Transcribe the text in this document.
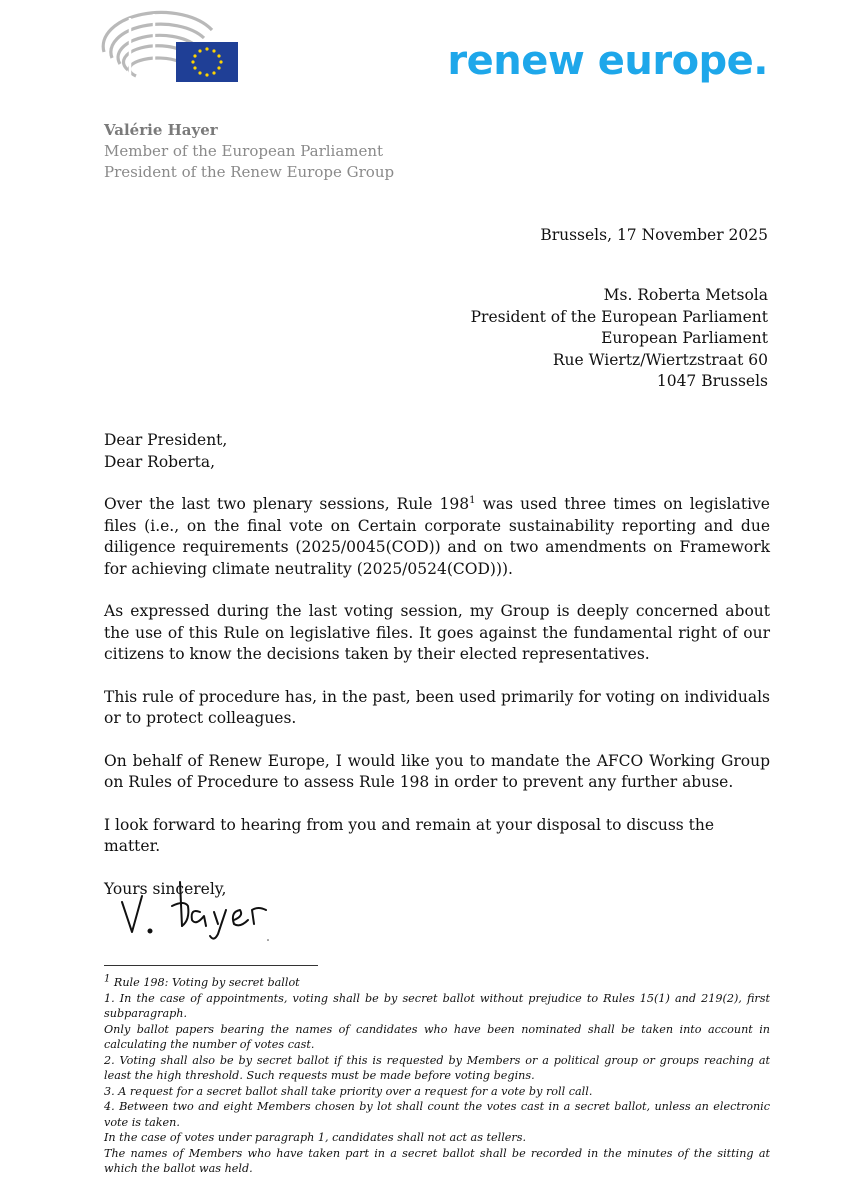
renew europe.
Valérie Hayer
Member of the European Parliament
President of the Renew Europe Group
Brussels, 17 November 2025
Ms. Roberta Metsola
President of the European Parliament
European Parliament
Rue Wiertz/Wiertzstraat 60
1047 Brussels

Dear President,

Dear Roberta,

Over the last two plenary sessions, Rule $198^1$ was used three times on legislative files (i.e., on the final vote on Certain corporate sustainability reporting and due diligence requirements (2025/0045(COD)) and on two amendments on Framework for achieving climate neutrality (2025/0524(COD))).

As expressed during the last voting session, my Group is deeply concerned about the use of this Rule on legislative files. It goes against the fundamental right of our citizens to know the decisions taken by their elected representatives.

This rule of procedure has, in the past, been used primarily for voting on individuals or to protect colleagues.

On behalf of Renew Europe, I would like you to mandate the AFCO Working Group on Rules of Procedure to assess Rule 198 in order to prevent any further abuse.

I look forward to hearing from you and remain at your disposal to discuss the matter.

Yours sincerely,

$^1$ Rule 198: Voting by secret ballot

1. In the case of appointments, voting shall be by secret ballot without prejudice to Rules 15(1) and 219(2), first subparagraph.

Only ballot papers bearing the names of candidates who have been nominated shall be taken into account in calculating the number of votes cast.

2. Voting shall also be by secret ballot if this is requested by Members or a political group or groups reaching at least the high threshold. Such requests must be made before voting begins.

3. A request for a secret ballot shall take priority over a request for a vote by roll call.

4. Between two and eight Members chosen by lot shall count the votes cast in a secret ballot, unless an electronic vote is taken.

In the case of votes under paragraph 1, candidates shall not act as tellers.

The names of Members who have taken part in a secret ballot shall be recorded in the minutes of the sitting at which the ballot was held.
